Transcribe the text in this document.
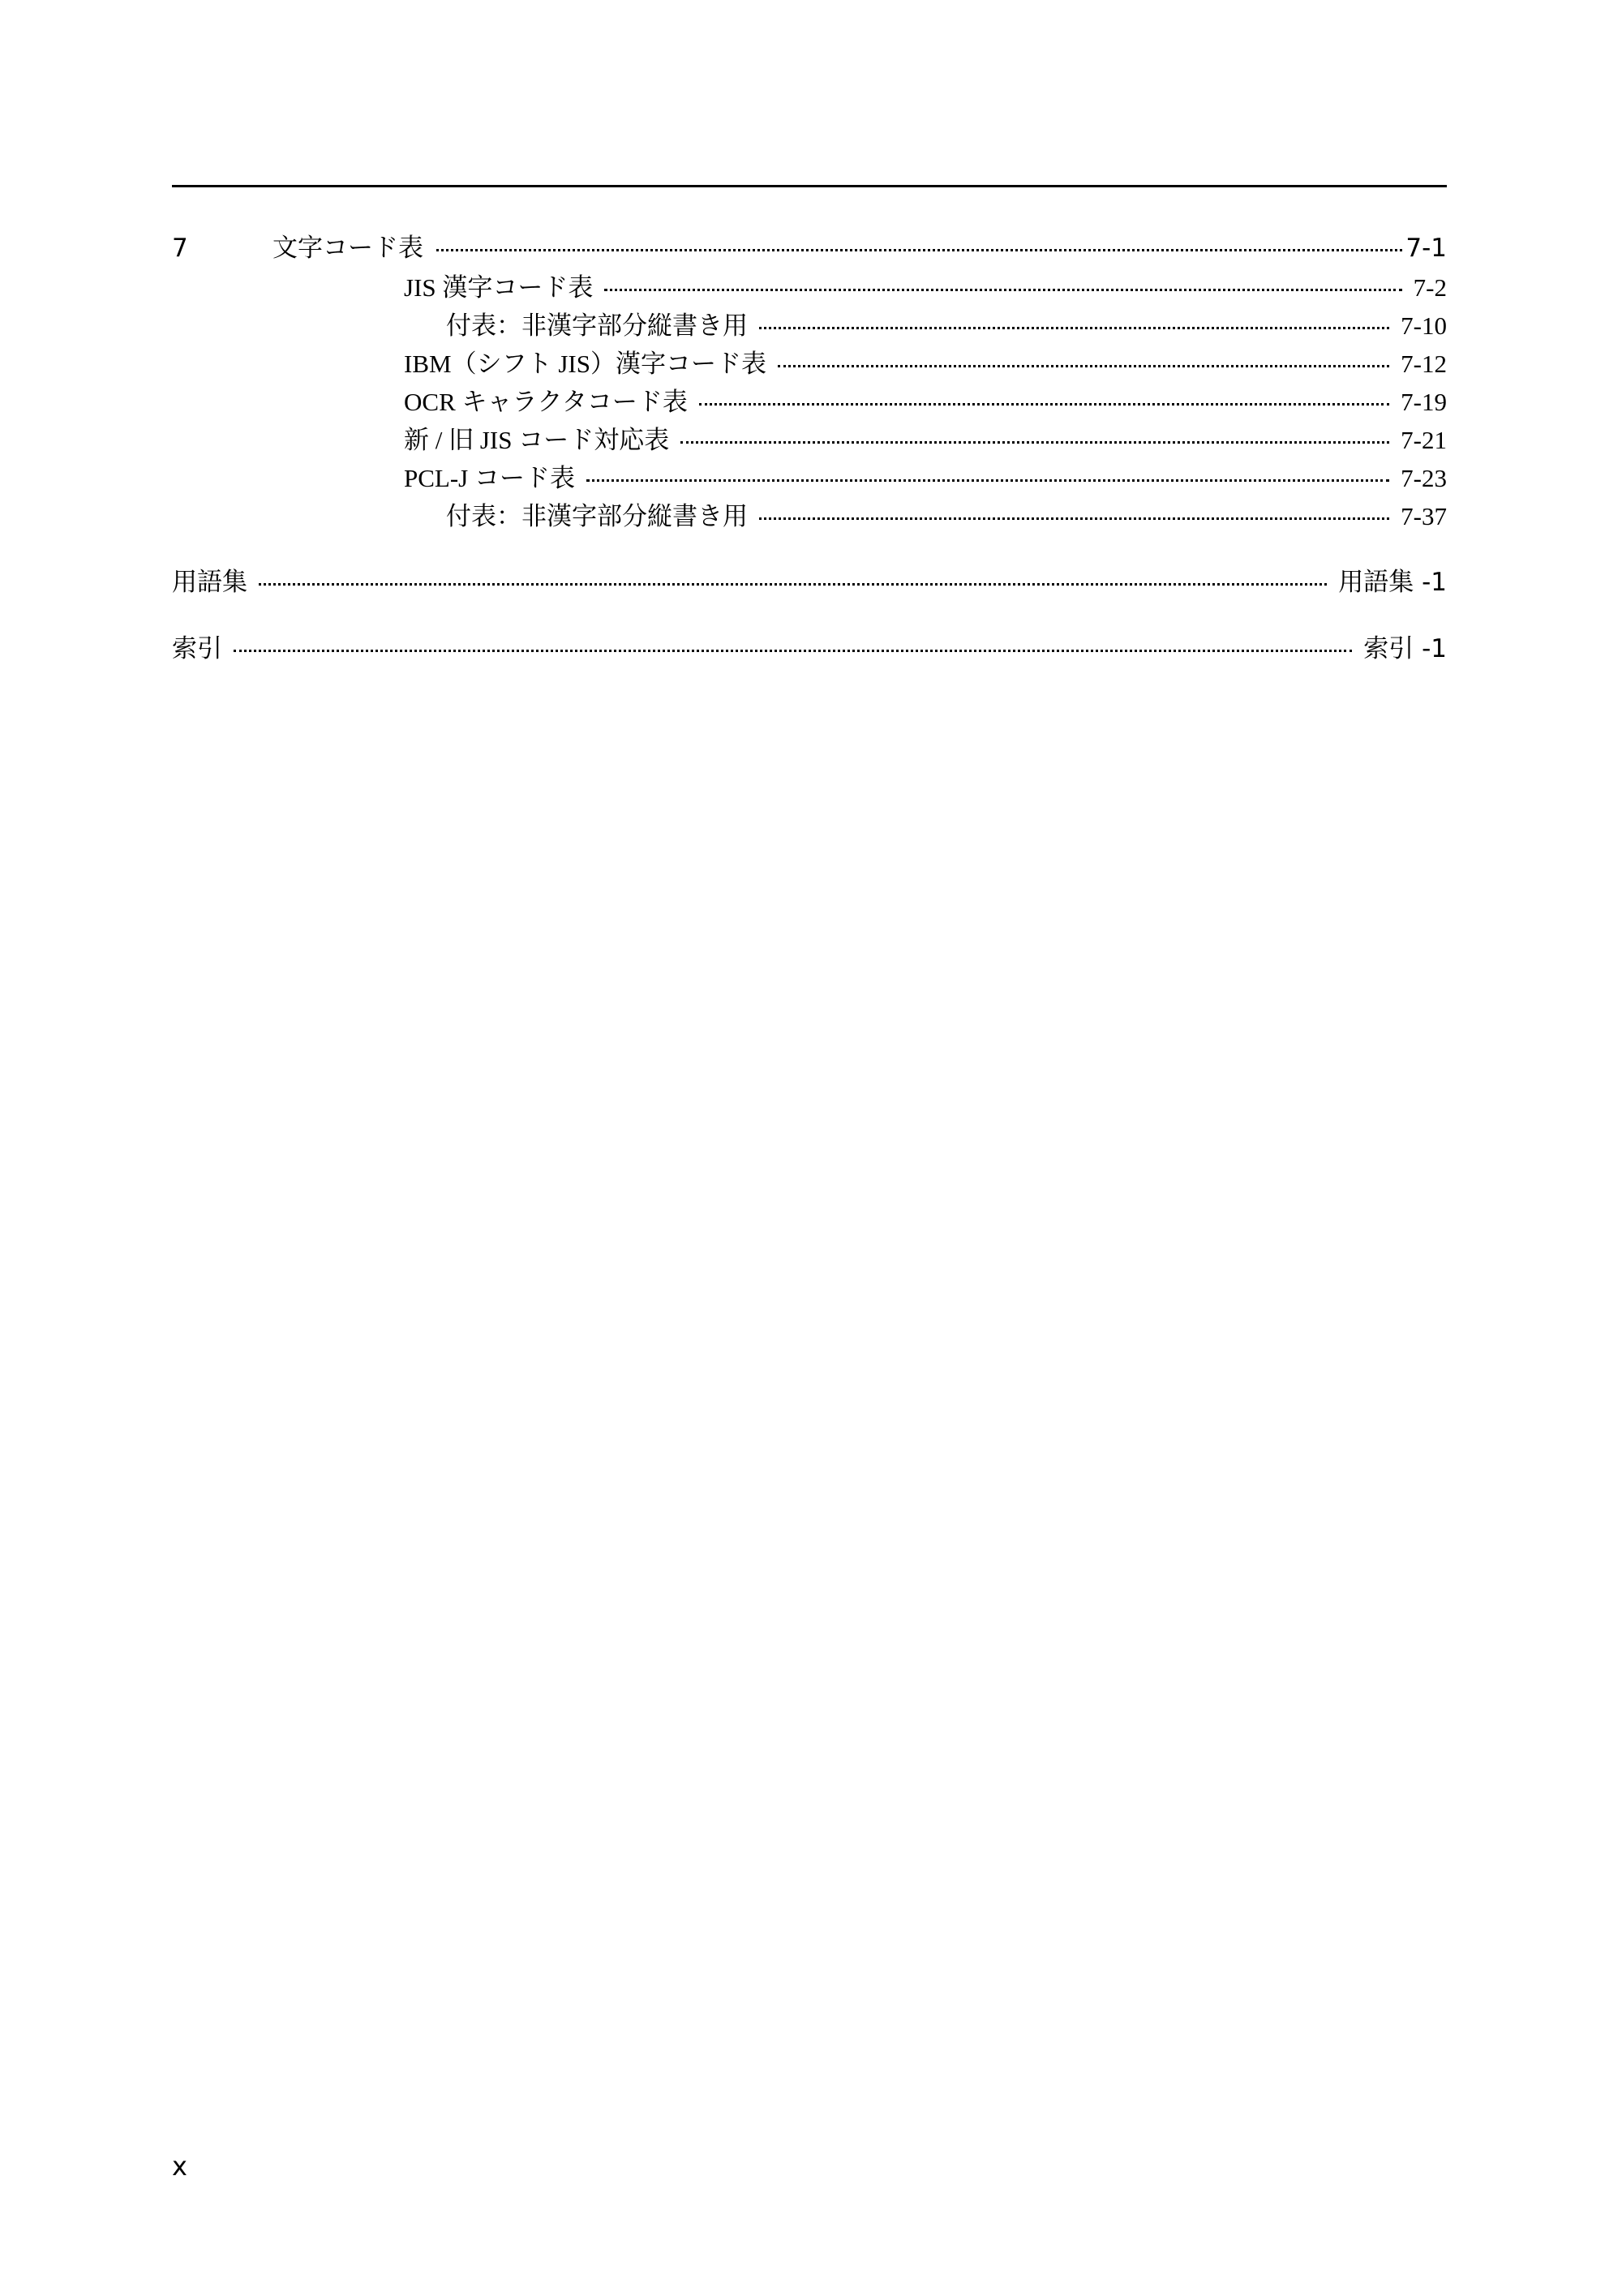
7	文字コード表	7-1
JIS 漢字コード表	7-2
付表：非漢字部分縦書き用	7-10
IBM（シフト JIS）漢字コード表	7-12
OCR キャラクタコード表	7-19
新 / 旧 JIS コード対応表	7-21
PCL-J コード表	7-23
付表：非漢字部分縦書き用	7-37
用語集	用語集 -1
索引	索引 -1
x
